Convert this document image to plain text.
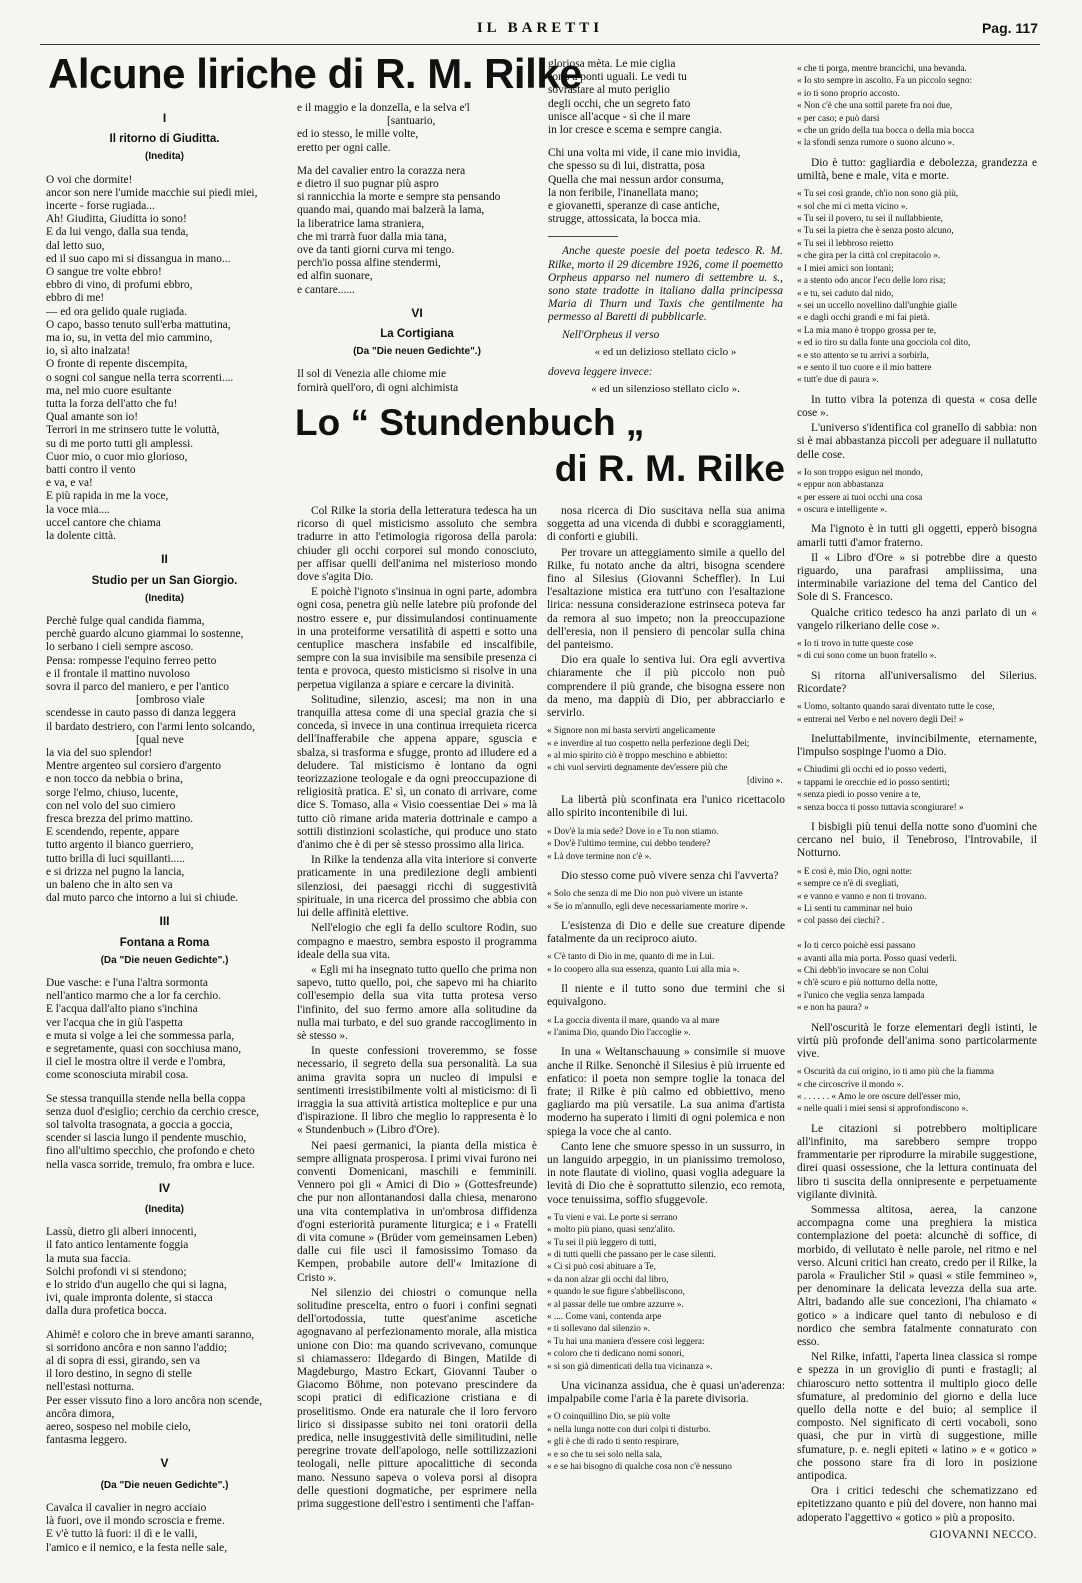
IL BARETTI	Pag. 117
Alcune liriche di R. M. Rilke
I
Il ritorno di Giuditta.
(Inedita)
O voi che dormite!
ancor son nere l'umide macchie sui piedi miei,
incerte - forse rugiada...
Ah! Giuditta, Giuditta io sono!
E da lui vengo, dalla sua tenda,
dal letto suo,
ed il suo capo mi si dissangua in mano...
O sangue tre volte ebbro!
ebbro di vino, di profumi ebbro,
ebbro di me!
— ed ora gelido quale rugiada.
O capo, basso tenuto sull'erba mattutina,
ma io, su, in vetta del mio cammino,
io, sì alto inalzata!
O fronte di repente discempita,
o sogni col sangue nella terra scorrenti....
ma, nel mio cuore esultante
tutta la forza dell'atto che fu!
Qual amante son io!
Terrori in me strinsero tutte le voluttà,
su di me porto tutti gli amplessi.
Cuor mio, o cuor mio glorioso,
batti contro il vento
e va, e va!
E più rapida in me la voce,
la voce mia....
uccel cantore che chiama
la dolente città.
II
Studio per un San Giorgio.
(Inedita)
Perchè fulge qual candida fiamma,
perchè guardo alcuno giammai lo sostenne,
lo serbano i cieli sempre ascoso.
Pensa: rompesse l'equino ferreo petto
e il frontale il mattino nuvoloso
sovra il parco del maniero, e per l'antico
[ombroso viale
scendesse in cauto passo di danza leggera
il bardato destriero, con l'armi lento solcando,
[qual neve
la via del suo splendor!
Mentre argenteo sul corsiero d'argento
e non tocco da nebbia o brina,
sorge l'elmo, chiuso, lucente,
con nel volo del suo cimiero
fresca brezza del primo mattino.
E scendendo, repente, appare
tutto argento il bianco guerriero,
tutto brilla di luci squillanti.....
e si drizza nel pugno la lancia,
un baleno che in alto sen va
dal muto parco che intorno a lui si chiude.
III
Fontana a Roma
(Da "Die neuen Gedichte".)
Due vasche: e l'una l'altra sormonta
nell'antico marmo che a lor fa cerchio.
E l'acqua dall'alto piano s'inchina
ver l'acqua che in giù l'aspetta
e muta si volge a lei che sommessa parla,
e segretamente, quasi con socchiusa mano,
il ciel le mostra oltre il verde e l'ombra,
come sconosciuta mirabil cosa.
Se stessa tranquilla stende nella bella coppa
senza duol d'esiglio; cerchio da cerchio cresce,
sol talvolta trasognata, a goccia a goccia,
scender si lascia lungo il pendente muschio,
fino all'ultimo specchio, che profondo e cheto
nella vasca sorride, tremulo, fra ombra e luce.
IV
(Inedita)
Lassù, dietro gli alberi innocenti,
il fato antico lentamente foggia
la muta sua faccia.
Solchi profondi vi si stendono;
e lo strido d'un augello che qui si lagna,
ivi, quale impronta dolente, si stacca
dalla dura profetica bocca.
Ahimè! e coloro che in breve amanti saranno,
si sorridono ancôra e non sanno l'addio;
al di sopra di essi, girando, sen va
il loro destino, in segno di stelle
nell'estasi notturna.
Per esser vissuto fino a loro ancôra non scende,
ancôra dimora,
aereo, sospeso nel mobile cielo,
fantasma leggero.
V
(Da "Die neuen Gedichte".)
Cavalca il cavalier in negro acciaio
là fuori, ove il mondo scroscia e freme.
E v'è tutto là fuori: il dì e le valli,
l'amico e il nemico, e la festa nelle sale,
e il maggio e la donzella, e la selva e'l
[santuario,
ed io stesso, le mille volte,
eretto per ogni calle.
Ma del cavalier entro la corazza nera
e dietro il suo pugnar più aspro
si rannicchia la morte e sempre sta pensando
quando mai, quando mai balzerà la lama,
la liberatrice lama straniera,
che mi trarrà fuor dalla mia tana,
ove da tanti giorni curva mi tengo.
perch'io possa alfine stendermi,
ed alfin suonare,
e cantare......
VI
La Cortigiana
(Da "Die neuen Gedichte".)
Il sol di Venezia alle chiome mie
fornirà quell'oro, di ogni alchimista
gloriosa mèta. Le mie ciglia
sono a ponti uguali. Le vedi tu
sovrastare al muto periglio
degli occhi, che un segreto fato
unisce all'acque - sì che il mare
in lor cresce e scema e sempre cangia.
Chi una volta mi vide, il cane mio invidia,
che spesso su di lui, distratta, posa
Quella che mai nessun ardor consuma,
la non feribile, l'inanellata mano;
e giovanetti, speranze di case antiche,
strugge, attossicata, la bocca mia.

Anche queste poesie del poeta tedesco R. M. Rilke, morto il 29 dicembre 1926, come il poemetto Orpheus apparso nel numero di settembre u. s., sono state tradotte in italiano dalla principessa Maria di Thurn und Taxis che gentilmente ha permesso al Baretti di pubblicarle.

Nell'Orpheus il verso

« ed un delizioso stellato ciclo »

doveva leggere invece:

« ed un silenzioso stellato ciclo ».
Lo “ Stundenbuch „
di R. M. Rilke

Col Rilke la storia della letteratura tedesca ha un ricorso di quel misticismo assoluto che sembra tradurre in atto l'etimologia rigorosa della parola: chiuder gli occhi corporei sul mondo conosciuto, per affisar quelli dell'anima nel misterioso mondo dove s'agita Dio.

E poichè l'ignoto s'insinua in ogni parte, adombra ogni cosa, penetra giù nelle latebre più profonde del nostro essere e, pur dissimulandosi continuamente in una proteiforme versatilità di aspetti e sotto una centuplice maschera insfabile ed inscalfibile, sempre con la sua invisibile ma sensibile presenza ci tenta e provoca, questo misticismo si risolve in una perpetua vigilanza a spiare e cercare la divinità.

Solitudine, silenzio, ascesi; ma non in una tranquilla attesa come di una special grazia che si conceda, sì invece in una continua irrequieta ricerca dell'Inafferabile che appena appare, sguscia e sbalza, si trasforma e sfugge, pronto ad illudere ed a deludere. Tal misticismo è lontano da ogni teorizzazione teologale e da ogni preoccupazione di religiosità pratica. E' sì, un conato di arrivare, come dice S. Tomaso, alla « Visio coessentiae Dei » ma là tutto ciò rimane arida materia dottrinale e campo a sottili distinzioni scolastiche, qui produce uno stato d'animo che è di per sè stesso prossimo alla lirica.

In Rilke la tendenza alla vita interiore si converte praticamente in una predilezione degli ambienti silenziosi, dei paesaggi ricchi di suggestività spirituale, in una ricerca del prossimo che abbia con lui delle affinità elettive.

Nell'elogio che egli fa dello scultore Rodin, suo compagno e maestro, sembra esposto il programma ideale della sua vita.

« Egli mi ha insegnato tutto quello che prima non sapevo, tutto quello, poi, che sapevo mi ha chiarito coll'esempio della sua vita tutta protesa verso l'infinito, del suo fermo amore alla solitudine da nulla mai turbato, e del suo grande raccoglimento in sè stesso ».

In queste confessioni troveremmo, se fosse necessario, il segreto della sua personalità. La sua anima gravita sopra un nucleo di impulsi e sentimenti irresistibilmente volti al misticismo: di lì irraggia la sua attività artistica molteplice e pur una d'ispirazione. Il libro che meglio lo rappresenta è lo « Stundenbuch » (Libro d'Ore).

Nei paesi germanici, la pianta della mistica è sempre allignata prosperosa. I primi vivai furono nei conventi Domenicani, maschili e femminili. Vennero poi gli « Amici di Dio » (Gottesfreunde) che pur non allontanandosi dalla chiesa, menarono una vita contemplativa in un'ombrosa diffidenza d'ogni esteriorità puramente liturgica; e i « Fratelli di vita comune » (Brüder vom gemeinsamen Leben) dalle cui file uscì il famosissimo Tomaso da Kempen, probabile autore dell'« Imitazione di Cristo ».

Nel silenzio dei chiostri o comunque nella solitudine prescelta, entro o fuori i confini segnati dell'ortodossia, tutte quest'anime ascetiche agognavano al perfezionamento morale, alla mistica unione con Dio: ma quando scrivevano, comunque si chiamassero: Ildegardo di Bingen, Matilde di Magdeburgo, Mastro Eckart, Giovanni Tauber o Giacomo Böhme, non potevano prescindere da scopi pratici di edificazione cristiana e di proselitismo. Onde era naturale che il loro fervoro lirico si dissipasse subito nei toni oratorii della predica, nelle insuggestività delle similitudini, nelle peregrine trovate dell'apologo, nelle sottilizzazioni teologali, nelle pitture apocalittiche di seconda mano. Nessuno sapeva o voleva porsi al disopra delle questioni dogmatiche, per esprimere nella prima suggestione dell'estro i sentimenti che l'affan-

nosa ricerca di Dio suscitava nella sua anima soggetta ad una vicenda di dubbi e scoraggiamenti, di conforti e giubili.

Per trovare un atteggiamento simile a quello del Rilke, fu notato anche da altri, bisogna scendere fino al Silesius (Giovanni Scheffler). In Lui l'esaltazione mistica era tutt'uno con l'esaltazione lirica: nessuna considerazione estrinseca poteva far da remora al suo impeto; non la preoccupazione dell'eresia, non il pensiero di pencolar sulla china del panteismo.

Dio era quale lo sentiva lui. Ora egli avvertiva chiaramente che il più piccolo non può comprendere il più grande, che bisogna essere non da meno, ma dappiù di Dio, per abbracciarlo e servirlo.

« Signore non mi basta servirti angelicamente
« e inverdire al tuo cospetto nella perfezione degli Dei;
« al mio spirito ciò è troppo meschino e abbietto:
« chi vuol servirti degnamente dev'essere più che
[divino ».

La libertà più sconfinata era l'unico ricettacolo allo spirito incontenibile di lui.

« Dov'è la mia sede? Dove io e Tu non stiamo.
« Dov'è l'ultimo termine, cui debbo tendere?
« Là dove termine non c'è ».

Dio stesso come può vivere senza chi l'avverta?

« Solo che senza di me Dio non può vivere un istante
« Se io m'annullo, egli deve necessariamente morire ».

L'esistenza di Dio e delle sue creature dipende fatalmente da un reciproco aiuto.

« C'è tanto di Dio in me, quanto di me in Lui.
« Io coopero alla sua essenza, quanto Lui alla mia ».

Il niente e il tutto sono due termini che si equivalgono.

« La goccia diventa il mare, quando va al mare
« l'anima Dio, quando Dio l'accoglie ».

In una « Weltanschauung » consimile si muove anche il Rilke. Senonchè il Silesius è più irruente ed enfatico: il poeta non sempre toglie la tonaca del frate; il Rilke è più calmo ed obbiettivo, meno gagliardo ma più versatile. La sua anima d'artista moderno ha superato i limiti di ogni polemica e non spiega la voce che al canto.

Canto lene che smuore spesso in un sussurro, in un languido arpeggio, in un pianissimo tremoloso, in note flautate di violino, quasi voglia adeguare la levità di Dio che è soprattutto silenzio, eco remota, voce tenuissima, soffio sfuggevole.

« Tu vieni e vai. Le porte si serrano
« molto più piano, quasi senz'alito.
« Tu sei il più leggero di tutti,
« di tutti quelli che passano per le case silenti.
« Ci si può così abituare a Te,
« da non alzar gli occhi dal libro,
« quando le sue figure s'abbelliscono,
« al passar delle tue ombre azzurre ».
« .... Come vani, contenda arpe
« ti sollevano dal silenzio ».
« Tu hai una maniera d'essere così leggera:
« coloro che ti dedicano nomi sonori,
« si son già dimenticati della tua vicinanza ».

Una vicinanza assidua, che è quasi un'aderenza: impalpabile come l'aria è la parete divisoria.

« O coinquillino Dio, se più volte
« nella lunga notte con duri colpi ti disturbo.
« gli è che di rado ti sento respirare,
« e so che tu sei solo nella sala,
« e se hai bisogno di qualche cosa non c'è nessuno
« che ti porga, mentre brancichi, una bevanda.
« Io sto sempre in ascolto. Fa un piccolo segno:
« io ti sono proprio accosto.
« Non c'è che una sottil parete fra noi due,
« per caso; e può darsi
« che un grido della tua bocca o della mia bocca
« la sfondi senza rumore o suono alcuno ».

Dio è tutto: gagliardia e debolezza, grandezza e umiltà, bene e male, vita e morte.

« Tu sei così grande, ch'io non sono già più,
« sol che mi ci metta vicino ».
« Tu sei il povero, tu sei il nullabbiente,
« Tu sei la pietra che è senza posto alcuno,
« Tu sei il lebbroso reietto
« che gira per la città col crepitacolo ».
« I miei amici son lontani;
« a stento odo ancor l'eco delle loro risa;
« e tu, sei caduto dal nido,
« sei un uccello novellino dall'unghie gialle
« e dagli occhi grandi e mi fai pietà.
« La mia mano è troppo grossa per te,
« ed io tiro su dalla fonte una gocciola col dito,
« e sto attento se tu arrivi a sorbirla,
« e sento il tuo cuore e il mio battere
« tutt'e due di paura ».

In tutto vibra la potenza di questa « cosa delle cose ».

L'universo s'identifica col granello di sabbia: non si è mai abbastanza piccoli per adeguare il nullatutto delle cose.

« Io son troppo esiguo nel mondo,
« eppur non abbastanza
« per essere ai tuoi occhi una cosa
« oscura e intelligente ».

Ma l'ignoto è in tutti gli oggetti, epperò bisogna amarli tutti d'amor fraterno.

Il « Libro d'Ore » si potrebbe dire a questo riguardo, una parafrasi ampliissima, una interminabile variazione del tema del Cantico del Sole di S. Francesco.

Qualche critico tedesco ha anzi parlato di un « vangelo rilkeriano delle cose ».

« Io ti trovo in tutte queste cose
« di cui sono come un buon fratello ».

Si ritorna all'universalismo del Silerius. Ricordate?

« Uomo, soltanto quando sarai diventato tutte le cose,
« entrerai nel Verbo e nel novero degli Dei! »

Ineluttabilmente, invincibilmente, eternamente, l'impulso sospinge l'uomo a Dio.

« Chiudimi gli occhi ed io posso vederti,
« tappami le orecchie ed io posso sentirti;
« senza piedi io posso venire a te,
« senza bocca ti posso tuttavia scongiurare! »

I bisbigli più tenui della notte sono d'uomini che cercano nel buio, il Tenebroso, l'Introvabile, il Notturno.

« E così è, mio Dio, ogni notte:
« sempre ce n'è di svegliati,
« e vanno e vanno e non ti trovano.
« Li senti tu camminar nel buio
« col passo dei ciechi? .

« Io ti cerco poichè essi passano
« avanti alla mia porta. Posso quasi vederli.
« Chi debb'io invocare se non Colui
« ch'è scuro e più notturno della notte,
« l'unico che veglia senza lampada
« e non ha paura? »

Nell'oscurità le forze elementari degli istinti, le virtù più profonde dell'anima sono particolarmente vive.

« Oscurità da cui origino, io ti amo più che la fiamma
« che circoscrive il mondo ».
« . . . . . . « Amo le ore oscure dell'esser mio,
« nelle quali i miei sensi si approfondiscono ».

Le citazioni si potrebbero moltiplicare all'infinito, ma sarebbero sempre troppo frammentarie per riprodurre la mirabile suggestione, direi quasi ossessione, che la lettura continuata del libro ti suscita della onnipresente e perpetuamente vigilante divinità.

Sommessa altitosa, aerea, la canzone accompagna come una preghiera la mistica contemplazione del poeta: alcunchè di soffice, di morbido, di vellutato è nelle parole, nel ritmo e nel verso. Alcuni critici han creato, credo per il Rilke, la parola « Fraulicher Stil » quasi « stile femmineo », per denominare la delicata levezza della sua arte. Altri, badando alle sue concezioni, l'ha chiamato « gotico » a indicare quel tanto di nebuloso e di nordico che sembra fatalmente connaturato con esso.

Nel Rilke, infatti, l'aperta linea classica si rompe e spezza in un groviglio di punti e frastagli; al chiaroscuro netto sottentra il multiplo gioco delle sfumature, al predominio del giorno e della luce quello della notte e del buio; al semplice il composto. Nel significato di certi vocaboli, sono quasi, che pur in virtù di suggestione, mille sfumature, p. e. negli epiteti « latino » e « gotico » che possono stare fra di loro in posizione antipodica.

Ora i critici tedeschi che schematizzano ed epitetizzano quanto e più del dovere, non hanno mai adoperato l'aggettivo « gotico » più a proposito.

GIOVANNI NECCO.
